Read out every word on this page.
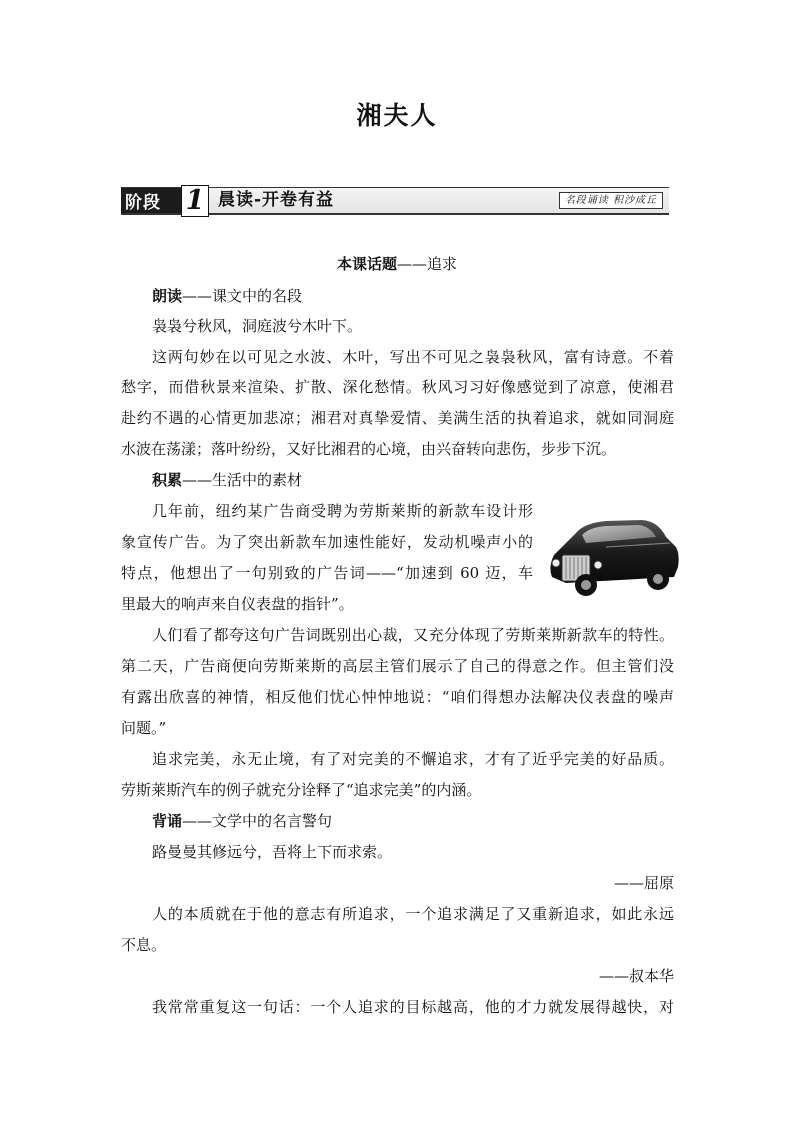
湘夫人
阶段 1 晨读-开卷有益	名段诵读 积沙成丘
本课话题——追求
朗读——课文中的名段
袅袅兮秋风，洞庭波兮木叶下。
这两句妙在以可见之水波、木叶，写出不可见之袅袅秋风，富有诗意。不着
愁字，而借秋景来渲染、扩散、深化愁情。秋风习习好像感觉到了凉意，使湘君
赴约不遇的心情更加悲凉；湘君对真挚爱情、美满生活的执着追求，就如同洞庭
水波在荡漾；落叶纷纷，又好比湘君的心境，由兴奋转向悲伤，步步下沉。
积累——生活中的素材
几年前，纽约某广告商受聘为劳斯莱斯的新款车设计形
象宣传广告。为了突出新款车加速性能好，发动机噪声小的
特点，他想出了一句别致的广告词——“加速到 60 迈，车
里最大的响声来自仪表盘的指针”。
人们看了都夸这句广告词既别出心裁，又充分体现了劳斯莱斯新款车的特性。
第二天，广告商便向劳斯莱斯的高层主管们展示了自己的得意之作。但主管们没
有露出欣喜的神情，相反他们忧心忡忡地说：“咱们得想办法解决仪表盘的噪声
问题。”
追求完美，永无止境，有了对完美的不懈追求，才有了近乎完美的好品质。
劳斯莱斯汽车的例子就充分诠释了“追求完美”的内涵。
背诵——文学中的名言警句
路曼曼其修远兮，吾将上下而求索。
——屈原
人的本质就在于他的意志有所追求，一个追求满足了又重新追求，如此永远
不息。
——叔本华
我常常重复这一句话：一个人追求的目标越高，他的才力就发展得越快，对
